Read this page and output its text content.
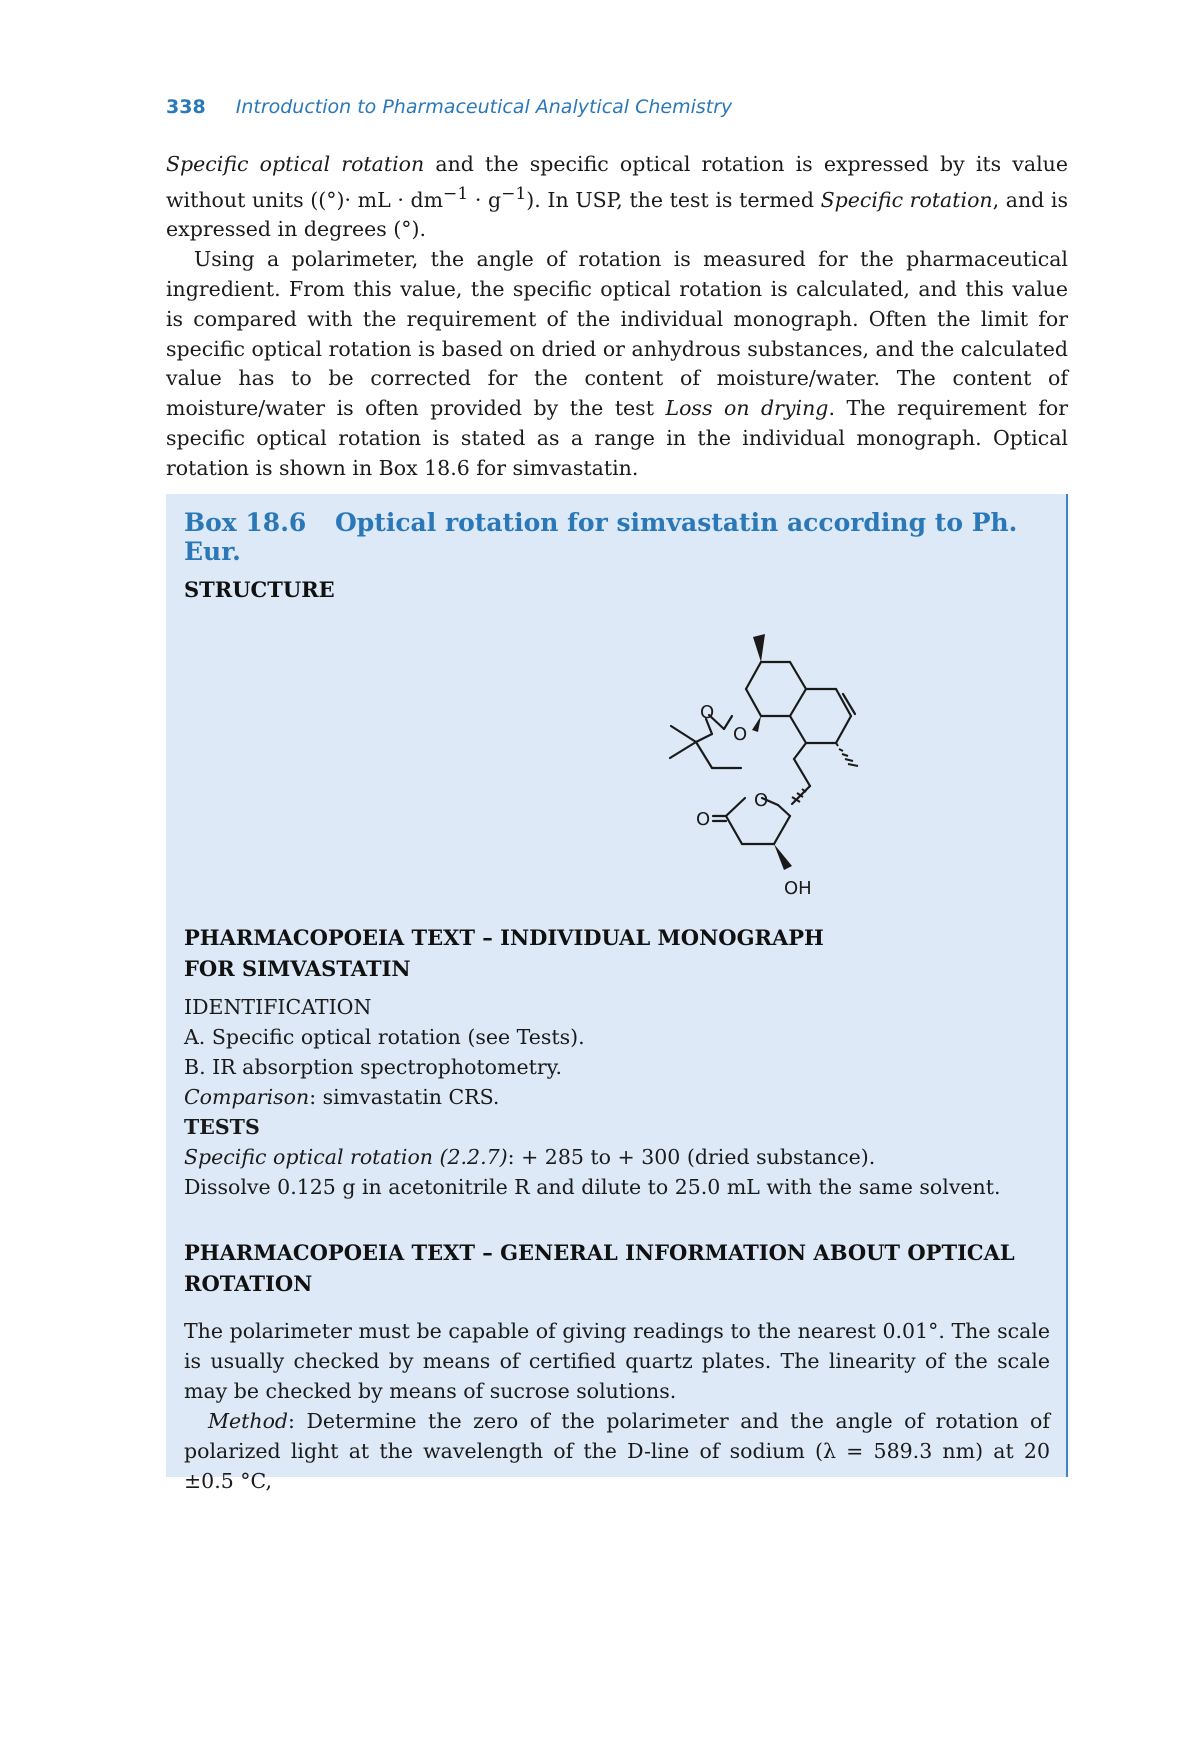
338 Introduction to Pharmaceutical Analytical Chemistry

Specific optical rotation and the specific optical rotation is expressed by its value without units ((°)· mL · $dm^{-1} \cdot g^{-1}$). In USP, the test is termed Specific rotation, and is expressed in degrees (°).

Using a polarimeter, the angle of rotation is measured for the pharmaceutical ingredient. From this value, the specific optical rotation is calculated, and this value is compared with the requirement of the individual monograph. Often the limit for specific optical rotation is based on dried or anhydrous substances, and the calculated value has to be corrected for the content of moisture/water. The content of moisture/water is often provided by the test Loss on drying. The requirement for specific optical rotation is stated as a range in the individual monograph. Optical rotation is shown in Box 18.6 for simvastatin.

Box 18.6 Optical rotation for simvastatin according to Ph. Eur.
STRUCTURE
O
O
O
O
OH
PHARMACOPOEIA TEXT – INDIVIDUAL MONOGRAPH
FOR SIMVASTATIN
IDENTIFICATION
A. Specific optical rotation (see Tests).
B. IR absorption spectrophotometry.
Comparison: simvastatin CRS.
TESTS
Specific optical rotation (2.2.7): + 285 to + 300 (dried substance).
Dissolve 0.125 g in acetonitrile R and dilute to 25.0 mL with the same solvent.
PHARMACOPOEIA TEXT – GENERAL INFORMATION ABOUT OPTICAL
ROTATION

The polarimeter must be capable of giving readings to the nearest 0.01°. The scale is usually checked by means of certified quartz plates. The linearity of the scale may be checked by means of sucrose solutions.

Method: Determine the zero of the polarimeter and the angle of rotation of polarized light at the wavelength of the D-line of sodium (λ = 589.3 nm) at 20 ±0.5 °C,
